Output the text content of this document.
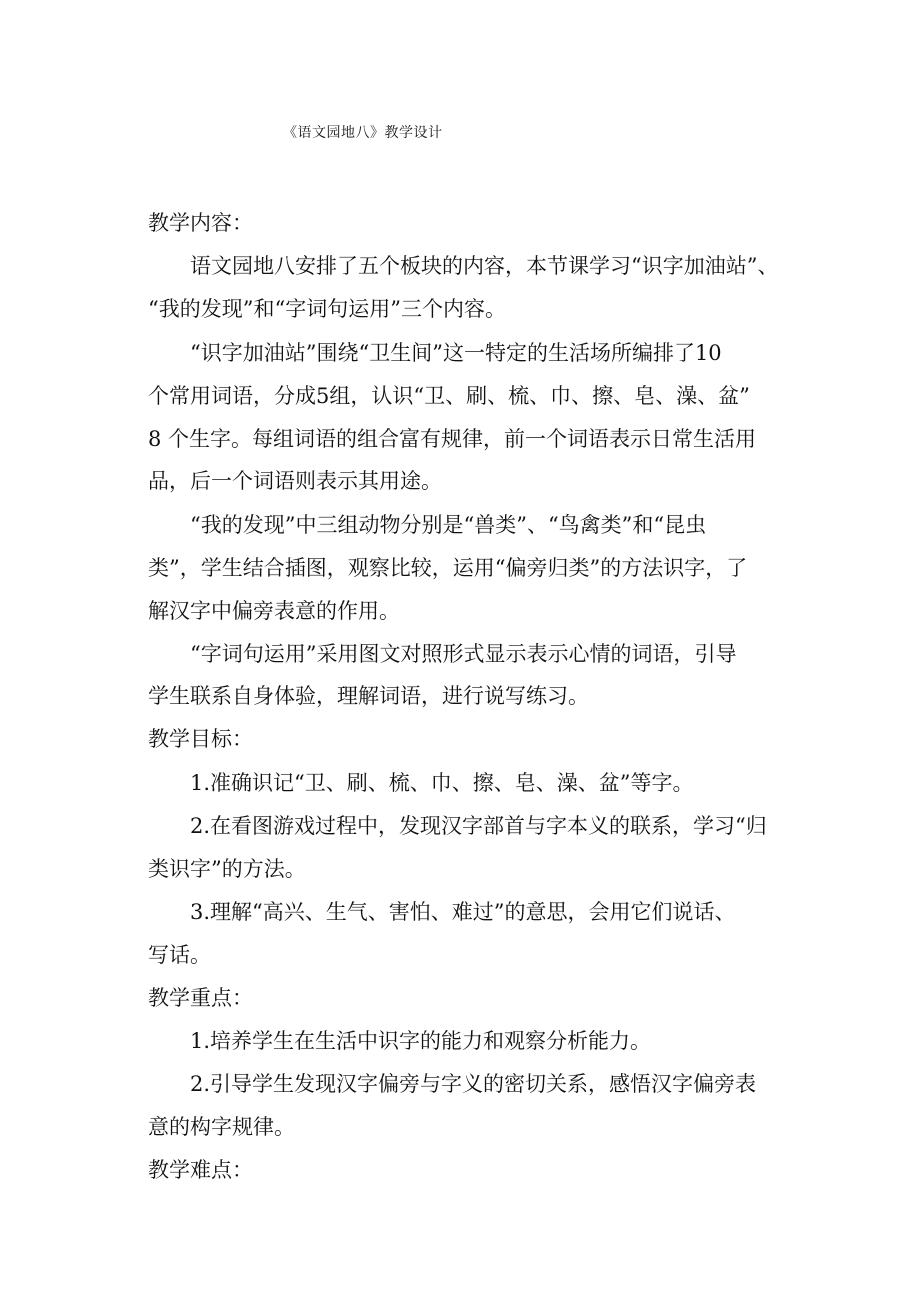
《语文园地八》教学设计
教学内容：
语文园地八安排了五个板块的内容，本节课学习“识字加油站”、
“我的发现”和“字词句运用”三个内容。
“识字加油站”围绕“卫生间”这一特定的生活场所编排了10
个常用词语，分成5组，认识“卫、刷、梳、巾、擦、皂、澡、盆”
8 个生字。每组词语的组合富有规律，前一个词语表示日常生活用
品，后一个词语则表示其用途。
“我的发现”中三组动物分别是“兽类”、“鸟禽类”和“昆虫
类”，学生结合插图，观察比较，运用“偏旁归类”的方法识字，了
解汉字中偏旁表意的作用。
“字词句运用”采用图文对照形式显示表示心情的词语，引导
学生联系自身体验，理解词语，进行说写练习。
教学目标：
1.准确识记“卫、刷、梳、巾、擦、皂、澡、盆”等字。
2.在看图游戏过程中，发现汉字部首与字本义的联系，学习“归
类识字”的方法。
3.理解“高兴、生气、害怕、难过”的意思，会用它们说话、
写话。
教学重点：
1.培养学生在生活中识字的能力和观察分析能力。
2.引导学生发现汉字偏旁与字义的密切关系，感悟汉字偏旁表
意的构字规律。
教学难点：
